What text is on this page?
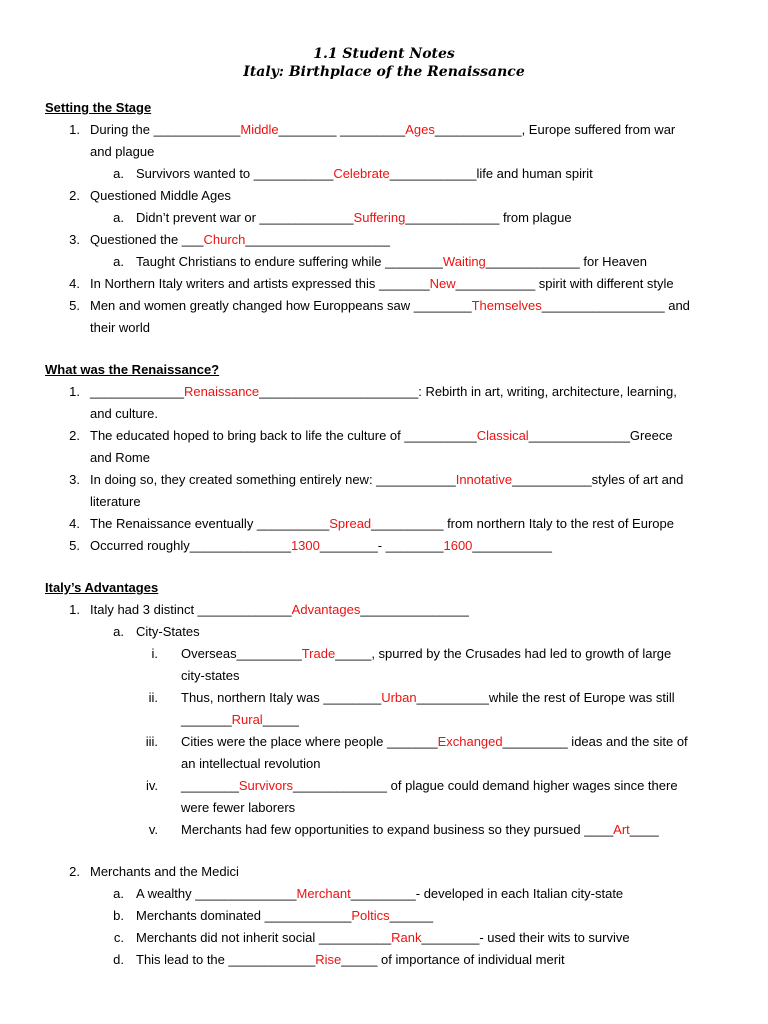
1.1 Student Notes
Italy: Birthplace of the Renaissance
Setting the Stage
1. During the ____________Middle________ _________Ages____________, Europe suffered from war
and plague
a. Survivors wanted to ___________Celebrate____________life and human spirit
2. Questioned Middle Ages
a. Didn’t prevent war or _____________Suffering_____________ from plague
3. Questioned the ___Church____________________
a. Taught Christians to endure suffering while ________Waiting_____________ for Heaven
4. In Northern Italy writers and artists expressed this _______New___________ spirit with different style
5. Men and women greatly changed how Europpeans saw ________Themselves_________________ and
their world
What was the Renaissance?
1. _____________Renaissance______________________: Rebirth in art, writing, architecture, learning,
and culture.
2. The educated hoped to bring back to life the culture of __________Classical______________Greece
and Rome
3. In doing so, they created something entirely new: ___________Innotative___________styles of art and
literature
4. The Renaissance eventually __________Spread__________ from northern Italy to the rest of Europe
5. Occurred roughly______________1300________- ________1600___________
Italy’s Advantages
1. Italy had 3 distinct _____________Advantages_______________
a. City-States
i. Overseas_________Trade_____, spurred by the Crusades had led to growth of large
city-states
ii. Thus, northern Italy was ________Urban__________while the rest of Europe was still
_______Rural_____
iii. Cities were the place where people _______Exchanged_________ ideas and the site of
an intellectual revolution
iv. ________Survivors_____________ of plague could demand higher wages since there
were fewer laborers
v. Merchants had few opportunities to expand business so they pursued ____Art____
2. Merchants and the Medici
a. A wealthy ______________Merchant_________- developed in each Italian city-state
b. Merchants dominated ____________Poltics______
c. Merchants did not inherit social __________Rank________- used their wits to survive
d. This lead to the ____________Rise_____ of importance of individual merit
